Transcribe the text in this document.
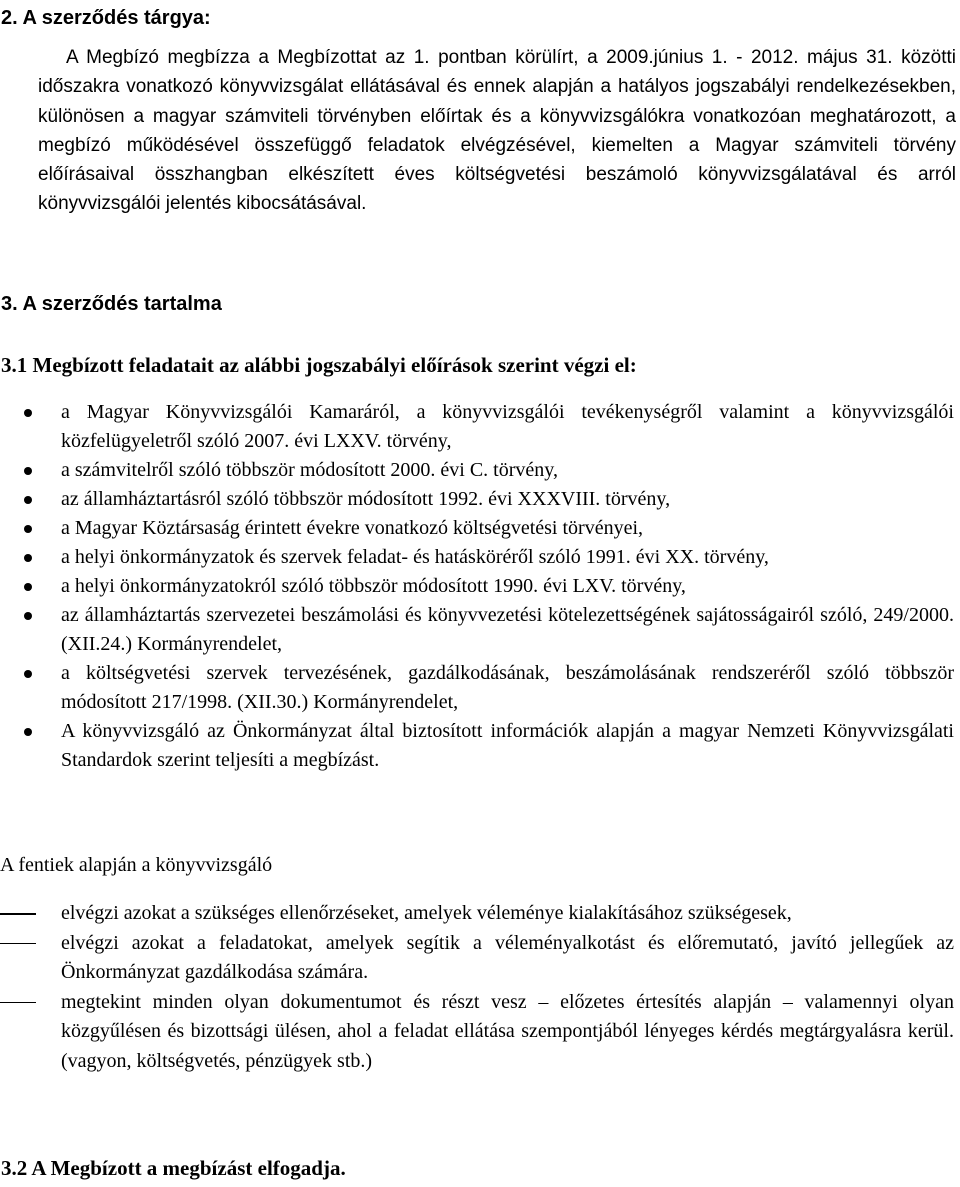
2. A szerződés tárgya:

A Megbízó megbízza a Megbízottat az 1. pontban körülírt, a 2009.június 1. - 2012. május 31. közötti időszakra vonatkozó könyvvizsgálat ellátásával és ennek alapján a hatályos jogszabályi rendelkezésekben, különösen a magyar számviteli törvényben előírtak és a könyvvizsgálókra vonatkozóan meghatározott, a megbízó működésével összefüggő feladatok elvégzésével, kiemelten a Magyar számviteli törvény előírásaival összhangban elkészített éves költségvetési beszámoló könyvvizsgálatával és arról könyvvizsgálói jelentés kibocsátásával.

3. A szerződés tartalma
3.1 Megbízott feladatait az alábbi jogszabályi előírások szerint végzi el:
a Magyar Könyvvizsgálói Kamaráról, a könyvvizsgálói tevékenységről valamint a könyvvizsgálói közfelügyeletről szóló 2007. évi LXXV. törvény,
a számvitelről szóló többször módosított 2000. évi C. törvény,
az államháztartásról szóló többször módosított 1992. évi XXXVIII. törvény,
a Magyar Köztársaság érintett évekre vonatkozó költségvetési törvényei,
a helyi önkormányzatok és szervek feladat- és hatásköréről szóló 1991. évi XX. törvény,
a helyi önkormányzatokról szóló többször módosított 1990. évi LXV. törvény,
az államháztartás szervezetei beszámolási és könyvvezetési kötelezettségének sajátosságairól szóló, 249/2000. (XII.24.) Kormányrendelet,
a költségvetési szervek tervezésének, gazdálkodásának, beszámolásának rendszeréről szóló többször módosított 217/1998. (XII.30.) Kormányrendelet,
A könyvvizsgáló az Önkormányzat által biztosított információk alapján a magyar Nemzeti Könyvvizsgálati Standardok szerint teljesíti a megbízást.

A fentiek alapján a könyvvizsgáló

elvégzi azokat a szükséges ellenőrzéseket, amelyek véleménye kialakításához szükségesek,
elvégzi azokat a feladatokat, amelyek segítik a véleményalkotást és előremutató, javító jellegűek az Önkormányzat gazdálkodása számára.
megtekint minden olyan dokumentumot és részt vesz – előzetes értesítés alapján – valamennyi olyan közgyűlésen és bizottsági ülésen, ahol a feladat ellátása szempontjából lényeges kérdés megtárgyalásra kerül. (vagyon, költségvetés, pénzügyek stb.)
3.2 A Megbízott a megbízást elfogadja.
